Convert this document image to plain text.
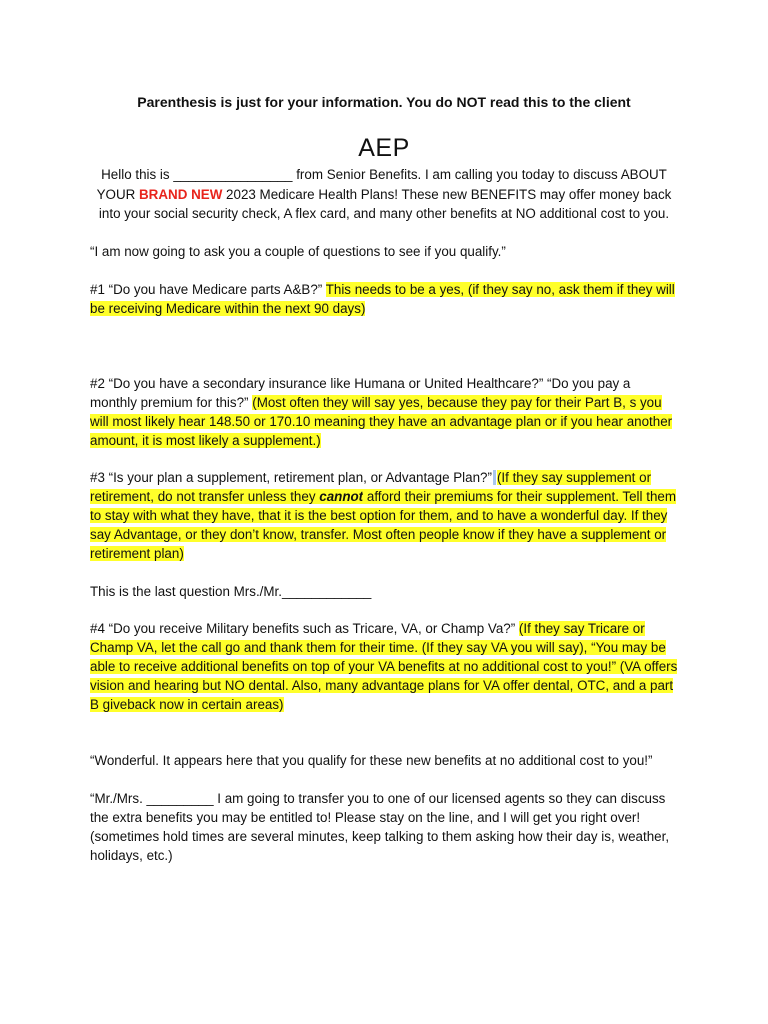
Parenthesis is just for your information. You do NOT read this to the client
AEP
Hello this is ________________ from Senior Benefits. I am calling you today to discuss ABOUT YOUR BRAND NEW 2023 Medicare Health Plans! These new BENEFITS may offer money back into your social security check, A flex card, and many other benefits at NO additional cost to you.
“I am now going to ask you a couple of questions to see if you qualify.”
#1 “Do you have Medicare parts A&B?” This needs to be a yes, (if they say no, ask them if they will be receiving Medicare within the next 90 days)
#2 “Do you have a secondary insurance like Humana or United Healthcare?” “Do you pay a monthly premium for this?” (Most often they will say yes, because they pay for their Part B, s you will most likely hear 148.50 or 170.10 meaning they have an advantage plan or if you hear another amount, it is most likely a supplement.)
#3 “Is your plan a supplement, retirement plan, or Advantage Plan?” (If they say supplement or retirement, do not transfer unless they cannot afford their premiums for their supplement. Tell them to stay with what they have, that it is the best option for them, and to have a wonderful day. If they say Advantage, or they don’t know, transfer. Most often people know if they have a supplement or retirement plan)
This is the last question Mrs./Mr.____________
#4 “Do you receive Military benefits such as Tricare, VA, or Champ Va?” (If they say Tricare or Champ VA, let the call go and thank them for their time. (If they say VA you will say), “You may be able to receive additional benefits on top of your VA benefits at no additional cost to you!” (VA offers vision and hearing but NO dental. Also, many advantage plans for VA offer dental, OTC, and a part B giveback now in certain areas)
“Wonderful. It appears here that you qualify for these new benefits at no additional cost to you!”
“Mr./Mrs. _________ I am going to transfer you to one of our licensed agents so they can discuss the extra benefits you may be entitled to! Please stay on the line, and I will get you right over! (sometimes hold times are several minutes, keep talking to them asking how their day is, weather, holidays, etc.)
